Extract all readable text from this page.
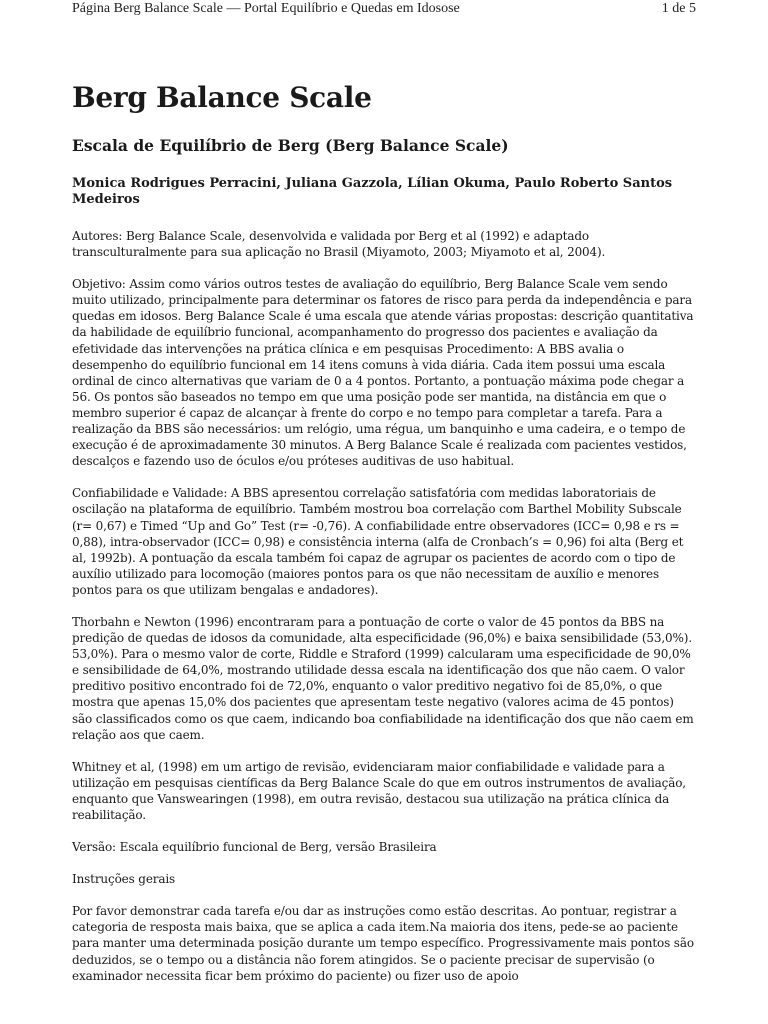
Página Berg Balance Scale — Portal Equilíbrio e Quedas em Idosose	1 de 5
Berg Balance Scale
Escala de Equilíbrio de Berg (Berg Balance Scale)
Monica Rodrigues Perracini, Juliana Gazzola, Lílian Okuma, Paulo Roberto Santos Medeiros

Autores: Berg Balance Scale, desenvolvida e validada por Berg et al (1992) e adaptado transculturalmente para sua aplicação no Brasil (Miyamoto, 2003; Miyamoto et al, 2004).

Objetivo: Assim como vários outros testes de avaliação do equilíbrio, Berg Balance Scale vem sendo muito utilizado, principalmente para determinar os fatores de risco para perda da independência e para quedas em idosos. Berg Balance Scale é uma escala que atende várias propostas: descrição quantitativa da habilidade de equilíbrio funcional, acompanhamento do progresso dos pacientes e avaliação da efetividade das intervenções na prática clínica e em pesquisas Procedimento: A BBS avalia o desempenho do equilíbrio funcional em 14 itens comuns à vida diária. Cada item possui uma escala ordinal de cinco alternativas que variam de 0 a 4 pontos. Portanto, a pontuação máxima pode chegar a 56. Os pontos são baseados no tempo em que uma posição pode ser mantida, na distância em que o membro superior é capaz de alcançar à frente do corpo e no tempo para completar a tarefa. Para a realização da BBS são necessários: um relógio, uma régua, um banquinho e uma cadeira, e o tempo de execução é de aproximadamente 30 minutos. A Berg Balance Scale é realizada com pacientes vestidos, descalços e fazendo uso de óculos e/ou próteses auditivas de uso habitual.

Confiabilidade e Validade: A BBS apresentou correlação satisfatória com medidas laboratoriais de oscilação na plataforma de equilíbrio. Também mostrou boa correlação com Barthel Mobility Subscale (r= 0,67) e Timed “Up and Go” Test (r= -0,76). A confiabilidade entre observadores (ICC= 0,98 e rs = 0,88), intra-observador (ICC= 0,98) e consistência interna (alfa de Cronbach’s = 0,96) foi alta (Berg et al, 1992b). A pontuação da escala também foi capaz de agrupar os pacientes de acordo com o tipo de auxílio utilizado para locomoção (maiores pontos para os que não necessitam de auxílio e menores pontos para os que utilizam bengalas e andadores).

Thorbahn e Newton (1996) encontraram para a pontuação de corte o valor de 45 pontos da BBS na predição de quedas de idosos da comunidade, alta especificidade (96,0%) e baixa sensibilidade (53,0%). 53,0%). Para o mesmo valor de corte, Riddle e Straford (1999) calcularam uma especificidade de 90,0% e sensibilidade de 64,0%, mostrando utilidade dessa escala na identificação dos que não caem. O valor preditivo positivo encontrado foi de 72,0%, enquanto o valor preditivo negativo foi de 85,0%, o que mostra que apenas 15,0% dos pacientes que apresentam teste negativo (valores acima de 45 pontos) são classificados como os que caem, indicando boa confiabilidade na identificação dos que não caem em relação aos que caem.

Whitney et al, (1998) em um artigo de revisão, evidenciaram maior confiabilidade e validade para a utilização em pesquisas científicas da Berg Balance Scale do que em outros instrumentos de avaliação, enquanto que Vanswearingen (1998), em outra revisão, destacou sua utilização na prática clínica da reabilitação.

Versão: Escala equilíbrio funcional de Berg, versão Brasileira

Instruções gerais

Por favor demonstrar cada tarefa e/ou dar as instruções como estão descritas. Ao pontuar, registrar a categoria de resposta mais baixa, que se aplica a cada item.Na maioria dos itens, pede-se ao paciente para manter uma determinada posição durante um tempo específico. Progressivamente mais pontos são deduzidos, se o tempo ou a distância não forem atingidos. Se o paciente precisar de supervisão (o examinador necessita ficar bem próximo do paciente) ou fizer uso de apoio
